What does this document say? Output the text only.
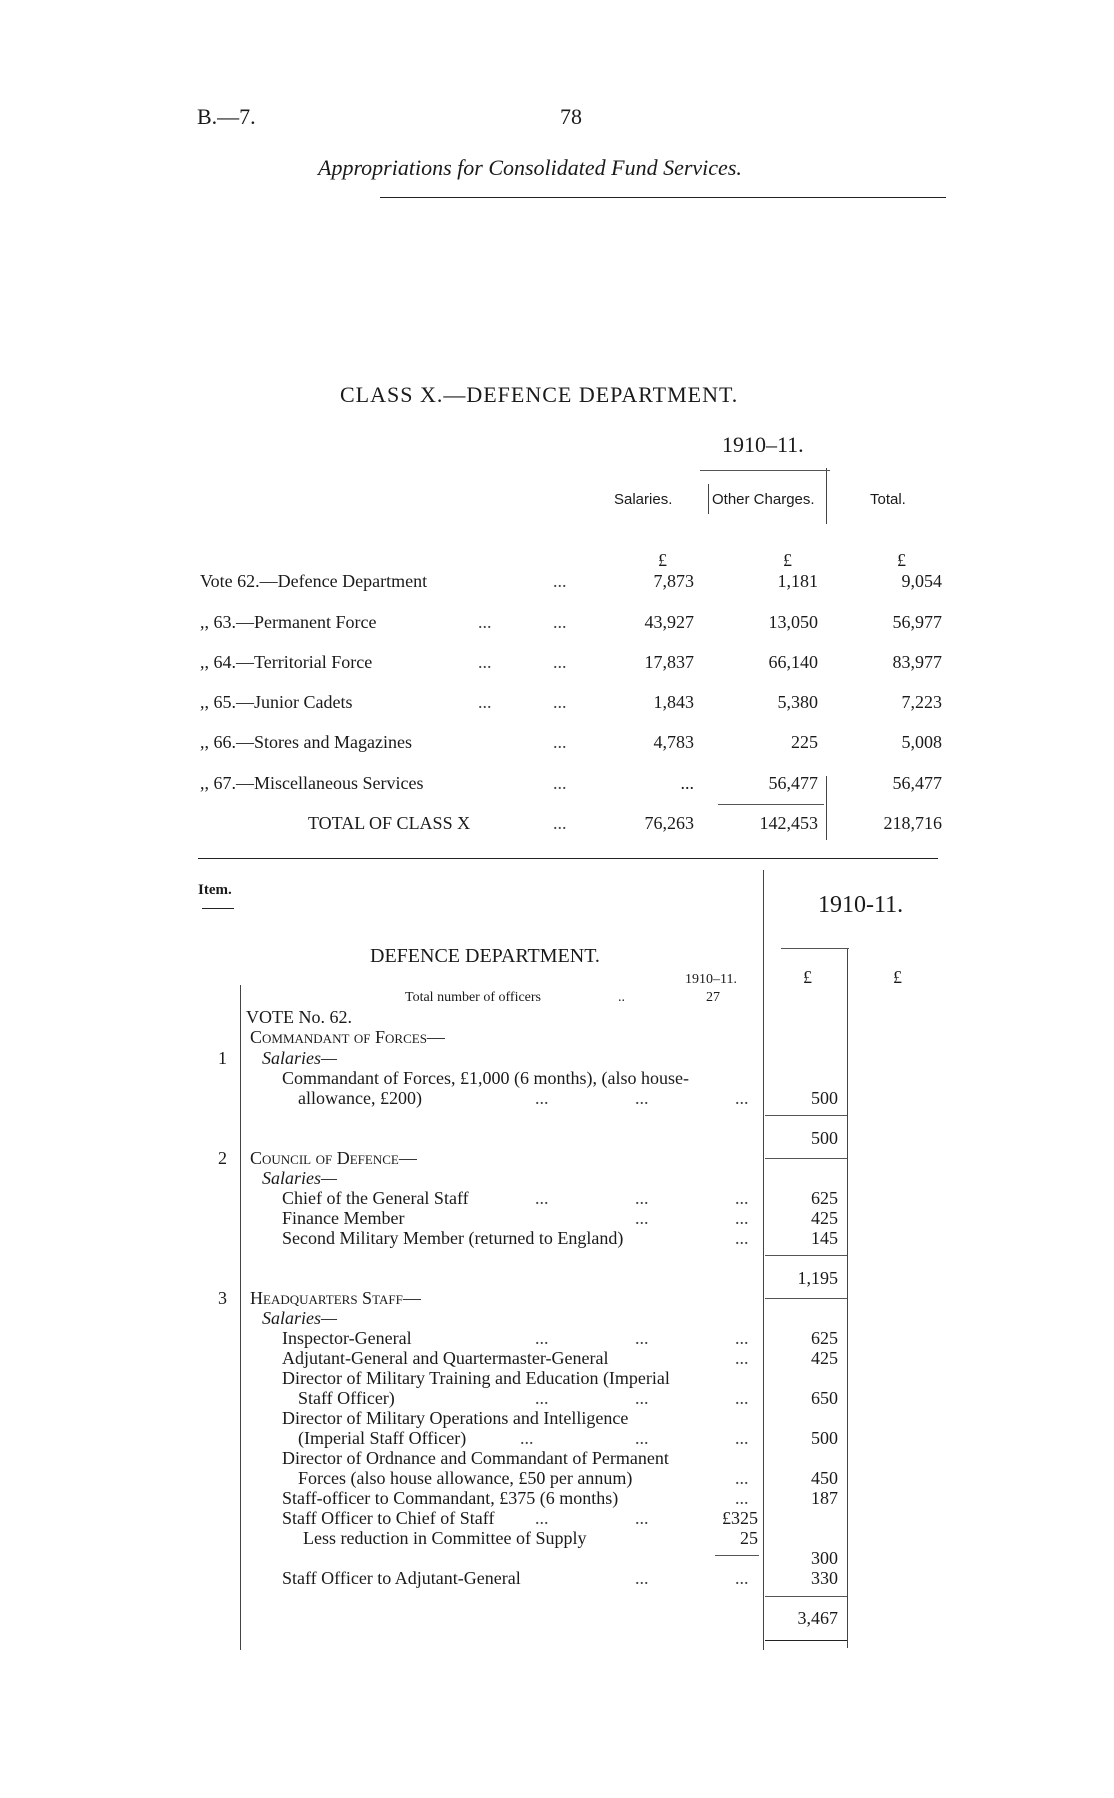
B.—7.	78
Appropriations for Consolidated Fund Services.
CLASS X.—DEFENCE DEPARTMENT.
1910–11.
Salaries.	Other Charges.	Total.
£	£	£
Vote 62.—Defence Department	...	7,873	1,181	9,054
,, 63.—Permanent Force	...	...	43,927	13,050	56,977
,, 64.—Territorial Force	...	...	17,837	66,140	83,977
,, 65.—Junior Cadets	...	...	1,843	5,380	7,223
,, 66.—Stores and Magazines	...	4,783	225	5,008
,, 67.—Miscellaneous Services	...	...	56,477	56,477
TOTAL OF CLASS X	...	76,263	142,453	218,716
Item.
1910-11.
DEFENCE DEPARTMENT.
1910–11.
Total number of officers	..	27
£	£
VOTE No. 62.
Commandant of Forces—
1 Salaries—
Commandant of Forces, £1,000 (6 months), (also house-
allowance, £200)	...	...	...	500
500
2 Council of Defence—
Salaries—
Chief of the General Staff	...	...	...	625
Finance Member	...	...	425
Second Military Member (returned to England)	...	145
1,195
3 Headquarters Staff—
Salaries—
Inspector-General	...	...	...	625
Adjutant-General and Quartermaster-General	...	425
Director of Military Training and Education (Imperial
Staff Officer)	...	...	...	650
Director of Military Operations and Intelligence
(Imperial Staff Officer)	...	...	...	500
Director of Ordnance and Commandant of Permanent
Forces (also house allowance, £50 per annum)	...	450
Staff-officer to Commandant, £375 (6 months)	...	187
Staff Officer to Chief of Staff ...	...	£325
Less reduction in Committee of Supply	25
300
Staff Officer to Adjutant-General	...	...	330
3,467
